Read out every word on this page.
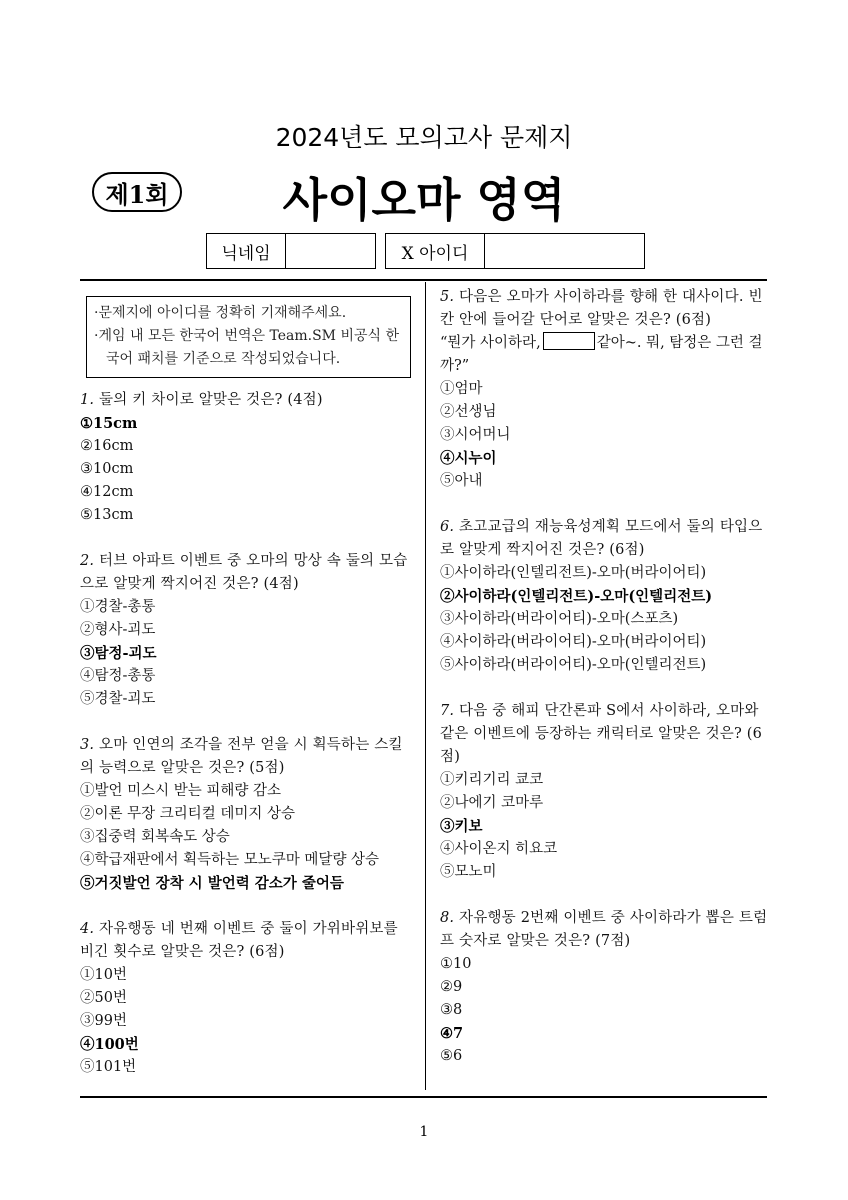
2024년도 모의고사 문제지
제1회	사이오마 영역
닉네임	X 아이디
·문제지에 아이디를 정확히 기재해주세요.
·게임 내 모든 한국어 번역은 Team.SM 비공식 한국어 패치를 기준으로 작성되었습니다.
1. 둘의 키 차이로 알맞은 것은? (4점)
①15cm
②16cm
③10cm
④12cm
⑤13cm
2. 터브 아파트 이벤트 중 오마의 망상 속 둘의 모습으로 알맞게 짝지어진 것은? (4점)
①경찰-총통
②형사-괴도
③탐정-괴도
④탐정-총통
⑤경찰-괴도
3. 오마 인연의 조각을 전부 얻을 시 획득하는 스킬의 능력으로 알맞은 것은? (5점)
①발언 미스시 받는 피해량 감소
②이론 무장 크리티컬 데미지 상승
③집중력 회복속도 상승
④학급재판에서 획득하는 모노쿠마 메달량 상승
⑤거짓발언 장착 시 발언력 감소가 줄어듬
4. 자유행동 네 번째 이벤트 중 둘이 가위바위보를 비긴 횟수로 알맞은 것은? (6점)
①10번
②50번
③99번
④100번
⑤101번
5. 다음은 오마가 사이하라를 향해 한 대사이다. 빈 칸 안에 들어갈 단어로 알맞은 것은? (6점)
“뭔가 사이하라,	같아~. 뭐, 탐정은 그런 걸까?”
①엄마
②선생님
③시어머니
④시누이
⑤아내
6. 초고교급의 재능육성계획 모드에서 둘의 타입으로 알맞게 짝지어진 것은? (6점)
①사이하라(인텔리전트)-오마(버라이어티)
②사이하라(인텔리전트)-오마(인텔리전트)
③사이하라(버라이어티)-오마(스포츠)
④사이하라(버라이어티)-오마(버라이어티)
⑤사이하라(버라이어티)-오마(인텔리전트)
7. 다음 중 해피 단간론파 S에서 사이하라, 오마와 같은 이벤트에 등장하는 캐릭터로 알맞은 것은? (6점)
①키리기리 쿄코
②나에기 코마루
③키보
④사이온지 히요코
⑤모노미
8. 자유행동 2번째 이벤트 중 사이하라가 뽑은 트럼프 숫자로 알맞은 것은? (7점)
①10
②9
③8
④7
⑤6
1
